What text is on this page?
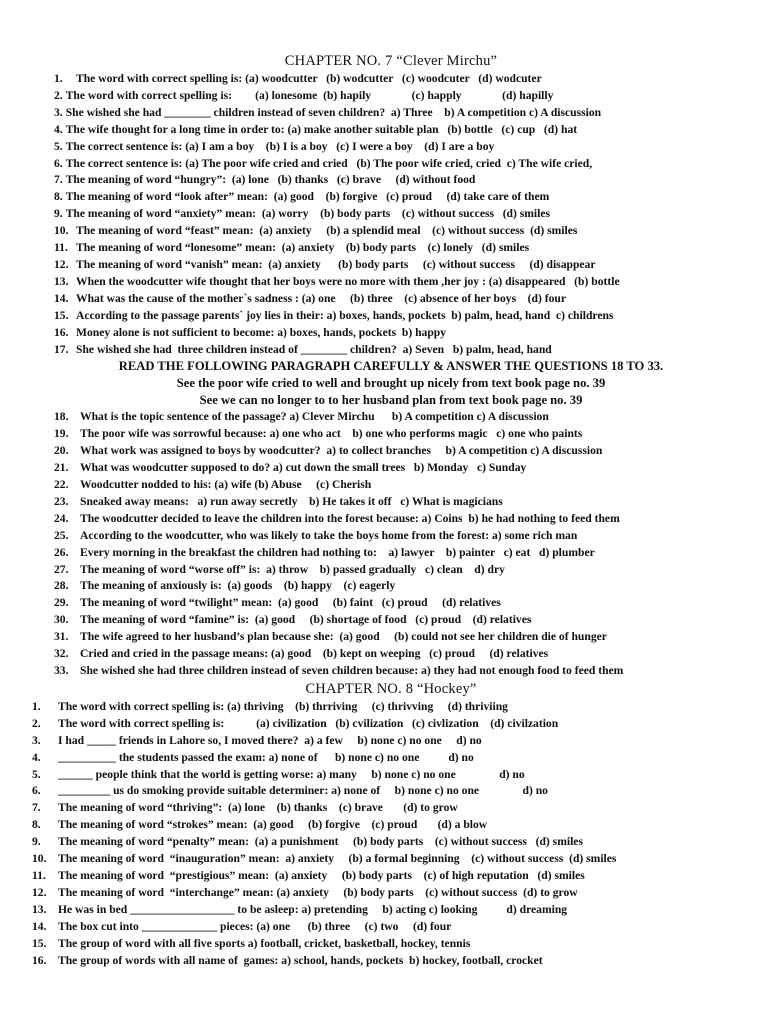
CHAPTER NO. 7 “Clever Mirchu”
1. The word with correct spelling is: (a) woodcutter   (b) wodcutter   (c) woodcuter   (d) wodcuter
2. The word with correct spelling is:        (a) lonesome  (b) hapily              (c) happly              (d) hapilly
3. She wished she had ________ children instead of seven children?  a) Three    b) A competition c) A discussion
4. The wife thought for a long time in order to: (a) make another suitable plan   (b) bottle   (c) cup   (d) hat
5. The correct sentence is: (a) I am a boy    (b) I is a boy   (c) I were a boy    (d) I are a boy
6. The correct sentence is: (a) The poor wife cried and cried   (b) The poor wife cried, cried  c) The wife cried,
7. The meaning of word “hungry”:  (a) lone   (b) thanks   (c) brave     (d) without food
8. The meaning of word “look after” mean:  (a) good    (b) forgive   (c) proud     (d) take care of them
9. The meaning of word “anxiety” mean:  (a) worry    (b) body parts    (c) without success   (d) smiles
10. The meaning of word “feast” mean:  (a) anxiety     (b) a splendid meal    (c) without success  (d) smiles
11. The meaning of word “lonesome” mean:  (a) anxiety    (b) body parts    (c) lonely   (d) smiles
12. The meaning of word “vanish” mean:  (a) anxiety      (b) body parts     (c) without success     (d) disappear
13. When the woodcutter wife thought that her boys were no more with them ,her joy : (a) disappeared   (b) bottle
14. What was the cause of the mother`s sadness : (a) one     (b) three    (c) absence of her boys    (d) four
15. According to the passage parents` joy lies in their: a) boxes, hands, pockets  b) palm, head, hand  c) childrens
16. Money alone is not sufficient to become: a) boxes, hands, pockets  b) happy
17. She wished she had  three children instead of ________ children?  a) Seven   b) palm, head, hand
READ THE FOLLOWING PARAGRAPH CAREFULLY & ANSWER THE QUESTIONS 18 TO 33.
See the poor wife cried to well and brought up nicely from text book page no. 39
See we can no longer to to her husband plan from text book page no. 39
18. What is the topic sentence of the passage? a) Clever Mirchu      b) A competition c) A discussion
19. The poor wife was sorrowful because: a) one who act    b) one who performs magic   c) one who paints
20. What work was assigned to boys by woodcutter?  a) to collect branches     b) A competition c) A discussion
21. What was woodcutter supposed to do? a) cut down the small trees   b) Monday   c) Sunday
22. Woodcutter nodded to his: (a) wife (b) Abuse     (c) Cherish
23. Sneaked away means:   a) run away secretly    b) He takes it off   c) What is magicians
24. The woodcutter decided to leave the children into the forest because: a) Coins  b) he had nothing to feed them
25. According to the woodcutter, who was likely to take the boys home from the forest: a) some rich man
26. Every morning in the breakfast the children had nothing to:    a) lawyer    b) painter   c) eat   d) plumber
27. The meaning of word “worse off” is:  a) throw    b) passed gradually   c) clean    d) dry
28. The meaning of anxiously is:  (a) goods    (b) happy    (c) eagerly
29. The meaning of word “twilight” mean:  (a) good     (b) faint   (c) proud     (d) relatives
30. The meaning of word “famine” is:  (a) good     (b) shortage of food   (c) proud    (d) relatives
31. The wife agreed to her husband’s plan because she:  (a) good     (b) could not see her children die of hunger
32. Cried and cried in the passage means: (a) good    (b) kept on weeping   (c) proud     (d) relatives
33. She wished she had three children instead of seven children because: a) they had not enough food to feed them
CHAPTER NO. 8 “Hockey”
1. The word with correct spelling is: (a) thriving    (b) thrriving     (c) thrivving     (d) thriviing
2. The word with correct spelling is:           (a) civilization   (b) cvilization   (c) civlization    (d) civilzation
3. I had _____ friends in Lahore so, I moved there?  a) a few     b) none c) no one     d) no
4. __________ the students passed the exam: a) none of      b) none c) no one          d) no
5. ______ people think that the world is getting worse: a) many     b) none c) no one               d) no
6. _________ us do smoking provide suitable determiner: a) none of     b) none c) no one               d) no
7. The meaning of word “thriving”:  (a) lone    (b) thanks    (c) brave       (d) to grow
8. The meaning of word “strokes” mean:  (a) good     (b) forgive    (c) proud       (d) a blow
9. The meaning of word “penalty” mean:  (a) a punishment     (b) body parts    (c) without success   (d) smiles
10. The meaning of word  “inauguration” mean:  a) anxiety     (b) a formal beginning    (c) without success  (d) smiles
11. The meaning of word  “prestigious” mean:  (a) anxiety     (b) body parts    (c) of high reputation   (d) smiles
12. The meaning of word  “interchange” mean: (a) anxiety     (b) body parts    (c) without success  (d) to grow
13. He was in bed __________________ to be asleep: a) pretending     b) acting c) looking          d) dreaming
14. The box cut into _____________ pieces: (a) one      (b) three     (c) two     (d) four
15. The group of word with all five sports a) football, cricket, basketball, hockey, tennis
16. The group of words with all name of  games: a) school, hands, pockets  b) hockey, football, crocket
